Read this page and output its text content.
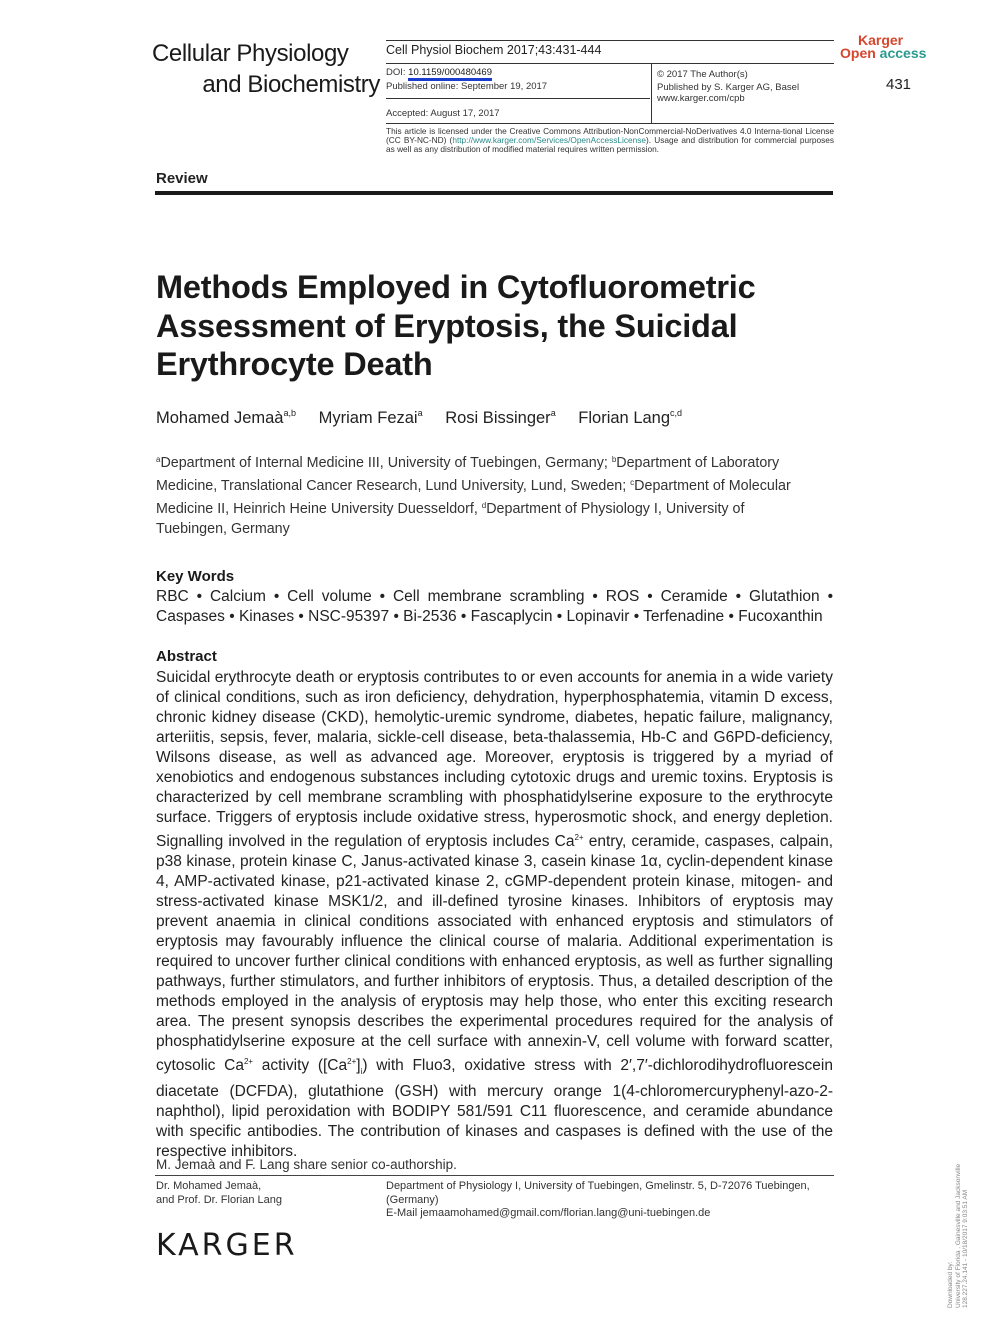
Cellular Physiology
and Biochemistry
Cell Physiol Biochem 2017;43:431-444
DOI: 10.1159/000480469
Published online: September 19, 2017
Accepted: August 17, 2017
© 2017 The Author(s)
Published by S. Karger AG, Basel
www.karger.com/cpb
This article is licensed under the Creative Commons Attribution-NonCommercial-NoDerivatives 4.0 Interna-tional License (CC BY-NC-ND) (http://www.karger.com/Services/OpenAccessLicense). Usage and distribution for commercial purposes as well as any distribution of modified material requires written permission.
Karger
Open access
431
Review
Methods Employed in Cytofluorometric Assessment of Eryptosis, the Suicidal Erythrocyte Death
Mohamed Jemaà$^{a,b}$ Myriam Fezai$^a$ Rosi Bissinger$^a$ Florian Lang$^{c,d}$
$^a$Department of Internal Medicine III, University of Tuebingen, Germany; $^b$Department of Laboratory Medicine, Translational Cancer Research, Lund University, Lund, Sweden; $^c$Department of Molecular Medicine II, Heinrich Heine University Duesseldorf, $^d$Department of Physiology I, University of Tuebingen, Germany
Key Words
RBC • Calcium • Cell volume • Cell membrane scrambling • ROS • Ceramide • Glutathion • Caspases • Kinases • NSC-95397 • Bi-2536 • Fascaplycin • Lopinavir • Terfenadine • Fucoxanthin
Abstract
Suicidal erythrocyte death or eryptosis contributes to or even accounts for anemia in a wide variety of clinical conditions, such as iron deficiency, dehydration, hyperphosphatemia, vitamin D excess, chronic kidney disease (CKD), hemolytic-uremic syndrome, diabetes, hepatic failure, malignancy, arteriitis, sepsis, fever, malaria, sickle-cell disease, beta-thalassemia, Hb-C and G6PD-deficiency, Wilsons disease, as well as advanced age. Moreover, eryptosis is triggered by a myriad of xenobiotics and endogenous substances including cytotoxic drugs and uremic toxins. Eryptosis is characterized by cell membrane scrambling with phosphatidylserine exposure to the erythrocyte surface. Triggers of eryptosis include oxidative stress, hyperosmotic shock, and energy depletion. Signalling involved in the regulation of eryptosis includes $Ca^{2+}$ entry, ceramide, caspases, calpain, p38 kinase, protein kinase C, Janus-activated kinase 3, casein kinase 1α, cyclin-dependent kinase 4, AMP-activated kinase, p21-activated kinase 2, cGMP-dependent protein kinase, mitogen- and stress-activated kinase MSK1/2, and ill-defined tyrosine kinases. Inhibitors of eryptosis may prevent anaemia in clinical conditions associated with enhanced eryptosis and stimulators of eryptosis may favourably influence the clinical course of malaria. Additional experimentation is required to uncover further clinical conditions with enhanced eryptosis, as well as further signalling pathways, further stimulators, and further inhibitors of eryptosis. Thus, a detailed description of the methods employed in the analysis of eryptosis may help those, who enter this exciting research area. The present synopsis describes the experimental procedures required for the analysis of phosphatidylserine exposure at the cell surface with annexin-V, cell volume with forward scatter, cytosolic $Ca^{2+}$ activity $([Ca^{2+}]_i)$ with Fluo3, oxidative stress with 2′,7′-dichlorodihydrofluorescein diacetate (DCFDA), glutathione (GSH) with mercury orange 1(4-chloromercuryphenyl-azo-2-naphthol), lipid peroxidation with BODIPY 581/591 C11 fluorescence, and ceramide abundance with specific antibodies. The contribution of kinases and caspases is defined with the use of the respective inhibitors.
M. Jemaà and F. Lang share senior co-authorship.
Dr. Mohamed Jemaà,
and Prof. Dr. Florian Lang
Department of Physiology I, University of Tuebingen, Gmelinstr. 5, D-72076 Tuebingen,
(Germany)
E-Mail jemaamohamed@gmail.com/florian.lang@uni-tuebingen.de
KARGER
Downloaded by: University of Florida . Gainesville and Jacksonville 128.227.24.141 - 10/18/2017 9:03:51 AM
